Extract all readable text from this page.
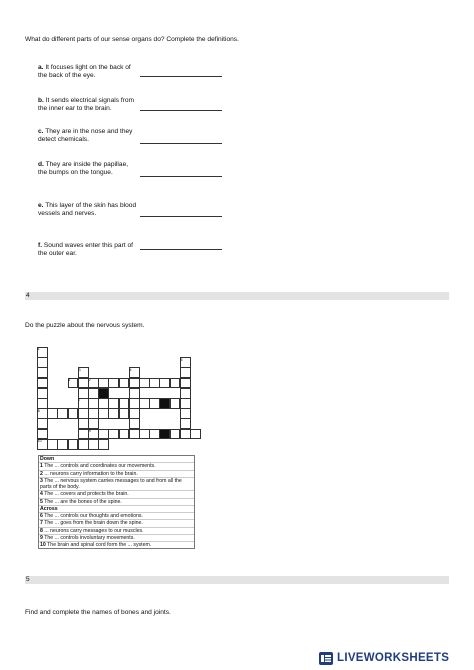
What do different parts of our sense organs do? Complete the definitions.
a. It focuses light on the back of the back of the eye.
b. It sends electrical signals from the inner ear to the brain.
c. They are in the nose and they detect chemicals.
d. They are inside the papillae, the bumps on the tongue.
e. This layer of the skin has blood vessels and nerves.
f. Sound waves enter this part of the outer ear.
4
Do the puzzle about the nervous system.
1
2
3	4
5
6
7
8
9
10
Down
1 The ... controls and coordinates our movements.
2 ... neurons carry information to the brain.
3 The ... nervous system carries messages to and from all the parts of the body.
4 The ... covers and protects the brain.
5 The ... are the bones of the spine.
Across
6 The ... controls our thoughts and emotions.
7 The ... goes from the brain down the spine.
8 ... neurons carry messages to our muscles.
9 The ... controls involuntary movements.
10 The brain and spinal cord form the ... system.
5
Find and complete the names of bones and joints.
LIVEWORKSHEETS
